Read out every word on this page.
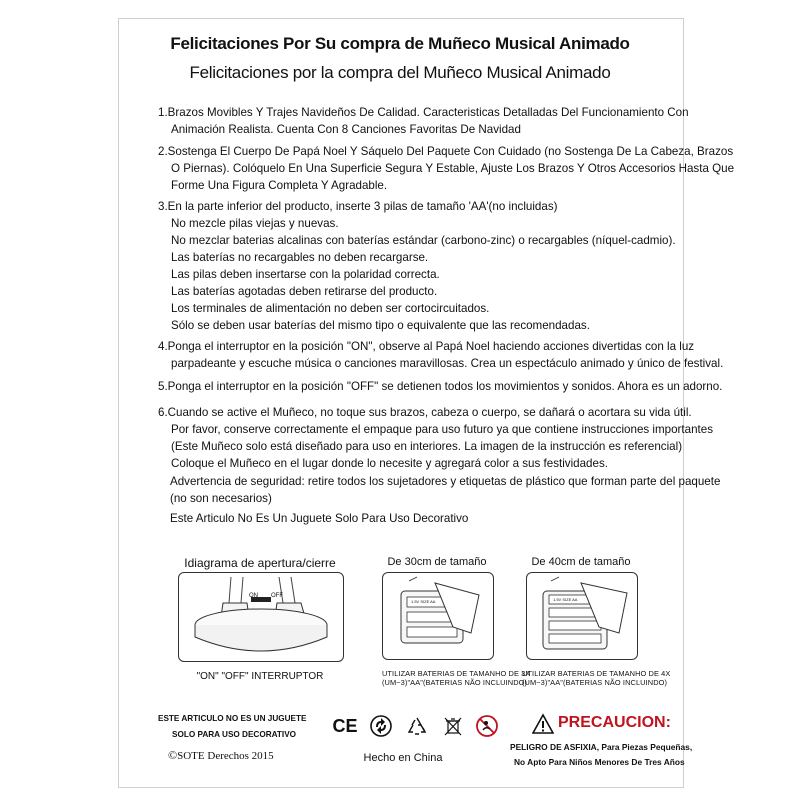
Felicitaciones Por Su compra de Muñeco Musical Animado
Felicitaciones por la compra del Muñeco Musical Animado
1.Brazos Movibles Y Trajes Navideños De Calidad. Caracteristicas Detalladas Del Funcionamiento Con
Animación Realista. Cuenta Con 8 Canciones Favoritas De Navidad
2.Sostenga El Cuerpo De Papá Noel Y Sáquelo Del Paquete Con Cuidado (no Sostenga De La Cabeza, Brazos
O Piernas). Colóquelo En Una Superficie Segura Y Estable, Ajuste Los Brazos Y Otros Accesorios Hasta Que
Forme Una Figura Completa Y Agradable.
3.En la parte inferior del producto, inserte 3 pilas de tamaño 'AA'(no incluidas)
No mezcle pilas viejas y nuevas.
No mezclar baterias alcalinas con baterías estándar (carbono-zinc) o recargables (níquel-cadmio).
Las baterías no recargables no deben recargarse.
Las pilas deben insertarse con la polaridad correcta.
Las baterías agotadas deben retirarse del producto.
Los terminales de alimentación no deben ser cortocircuitados.
Sólo se deben usar baterías del mismo tipo o equivalente que las recomendadas.
4.Ponga el interruptor en la posición "ON", observe al Papá Noel haciendo acciones divertidas con la luz
parpadeante y escuche música o canciones maravillosas. Crea un espectáculo animado y único de festival.
5.Ponga el interruptor en la posición "OFF" se detienen todos los movimientos y sonidos. Ahora es un adorno.
6.Cuando se active el Muñeco, no toque sus brazos, cabeza o cuerpo, se dañará o acortara su vida útil.
Por favor, conserve correctamente el empaque para uso futuro ya que contiene instrucciones importantes
(Este Muñeco solo está diseñado para uso en interiores. La imagen de la instrucción es referencial)
Coloque el Muñeco en el lugar donde lo necesite y agregará color a sus festividades.
Advertencia de seguridad: retire todos los sujetadores y etiquetas de plástico que forman parte del paquete
(no son necesarios)
Este Articulo No Es Un Juguete Solo Para Uso Decorativo
Idiagrama de apertura/cierre
ON OFF
"ON" "OFF" INTERRUPTOR
De 30cm de tamaño
1.5V SIZE AA
UTILIZAR BATERIAS DE TAMANHO DE 3X
(UM~3)"AA"(BATERIAS NÃO INCLUINDO)
De 40cm de tamaño
1.5V SIZE AA
UTILIZAR BATERIAS DE TAMANHO DE 4X
(UM~3)"AA"(BATERIAS NÃO INCLUINDO)
ESTE ARTICULO NO ES UN JUGUETE
SOLO PARA USO DECORATIVO
©SOTE Derechos 2015
CE
Hecho en China
PRECAUCION:
PELIGRO DE ASFIXIA, Para Piezas Pequeñas,
No Apto Para Niños Menores De Tres Años
